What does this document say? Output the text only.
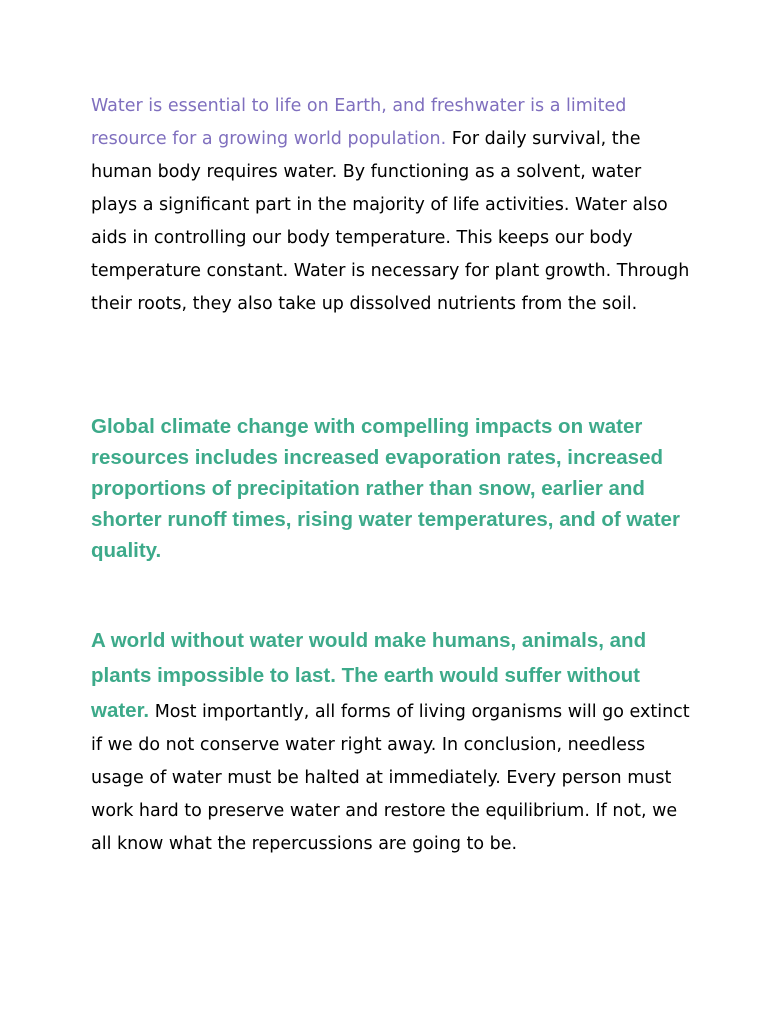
Water is essential to life on Earth, and freshwater is a limited resource for a growing world population. For daily survival, the human body requires water. By functioning as a solvent, water plays a significant part in the majority of life activities. Water also aids in controlling our body temperature. This keeps our body temperature constant. Water is necessary for plant growth. Through their roots, they also take up dissolved nutrients from the soil.

Global climate change with compelling impacts on water resources includes increased evaporation rates, increased proportions of precipitation rather than snow, earlier and shorter runoff times, rising water temperatures, and of water quality.

A world without water would make humans, animals, and plants impossible to last. The earth would suffer without water. Most importantly, all forms of living organisms will go extinct if we do not conserve water right away. In conclusion, needless usage of water must be halted at immediately. Every person must work hard to preserve water and restore the equilibrium. If not, we all know what the repercussions are going to be.
